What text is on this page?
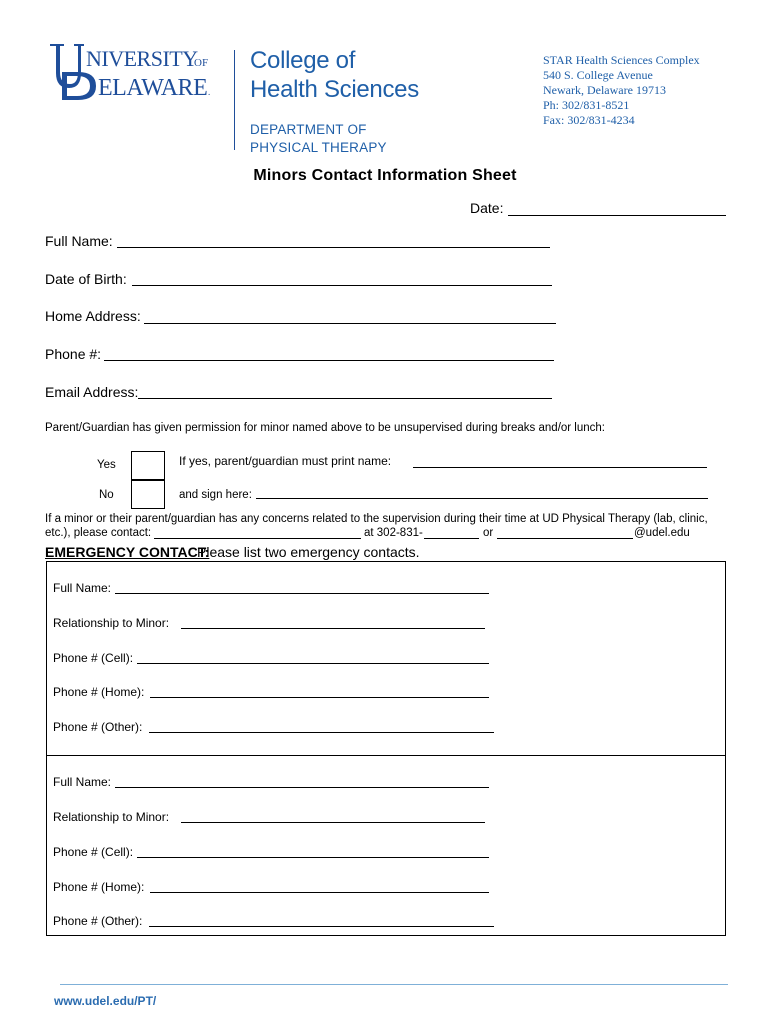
NIVERSITY
OF
ELAWARE .
College of
Health Sciences
DEPARTMENT OF
PHYSICAL THERAPY
STAR Health Sciences Complex
540 S. College Avenue
Newark, Delaware 19713
Ph: 302/831-8521
Fax: 302/831-4234
Minors Contact Information Sheet
Date:
Full Name:
Date of Birth:
Home Address:
Phone #:
Email Address:
Parent/Guardian has given permission for minor named above to be unsupervised during breaks and/or lunch:
Yes	If yes, parent/guardian must print name:
No	and sign here:
If a minor or their parent/guardian has any concerns related to the supervision during their time at UD Physical Therapy (lab, clinic,
etc.), please contact:	at 302-831-	or	@udel.edu
EMERGENCY CONTACT:
Please list two emergency contacts.
Full Name:
Relationship to Minor:
Phone # (Cell):
Phone # (Home):
Phone # (Other):
Full Name:
Relationship to Minor:
Phone # (Cell):
Phone # (Home):
Phone # (Other):
www.udel.edu/PT/
